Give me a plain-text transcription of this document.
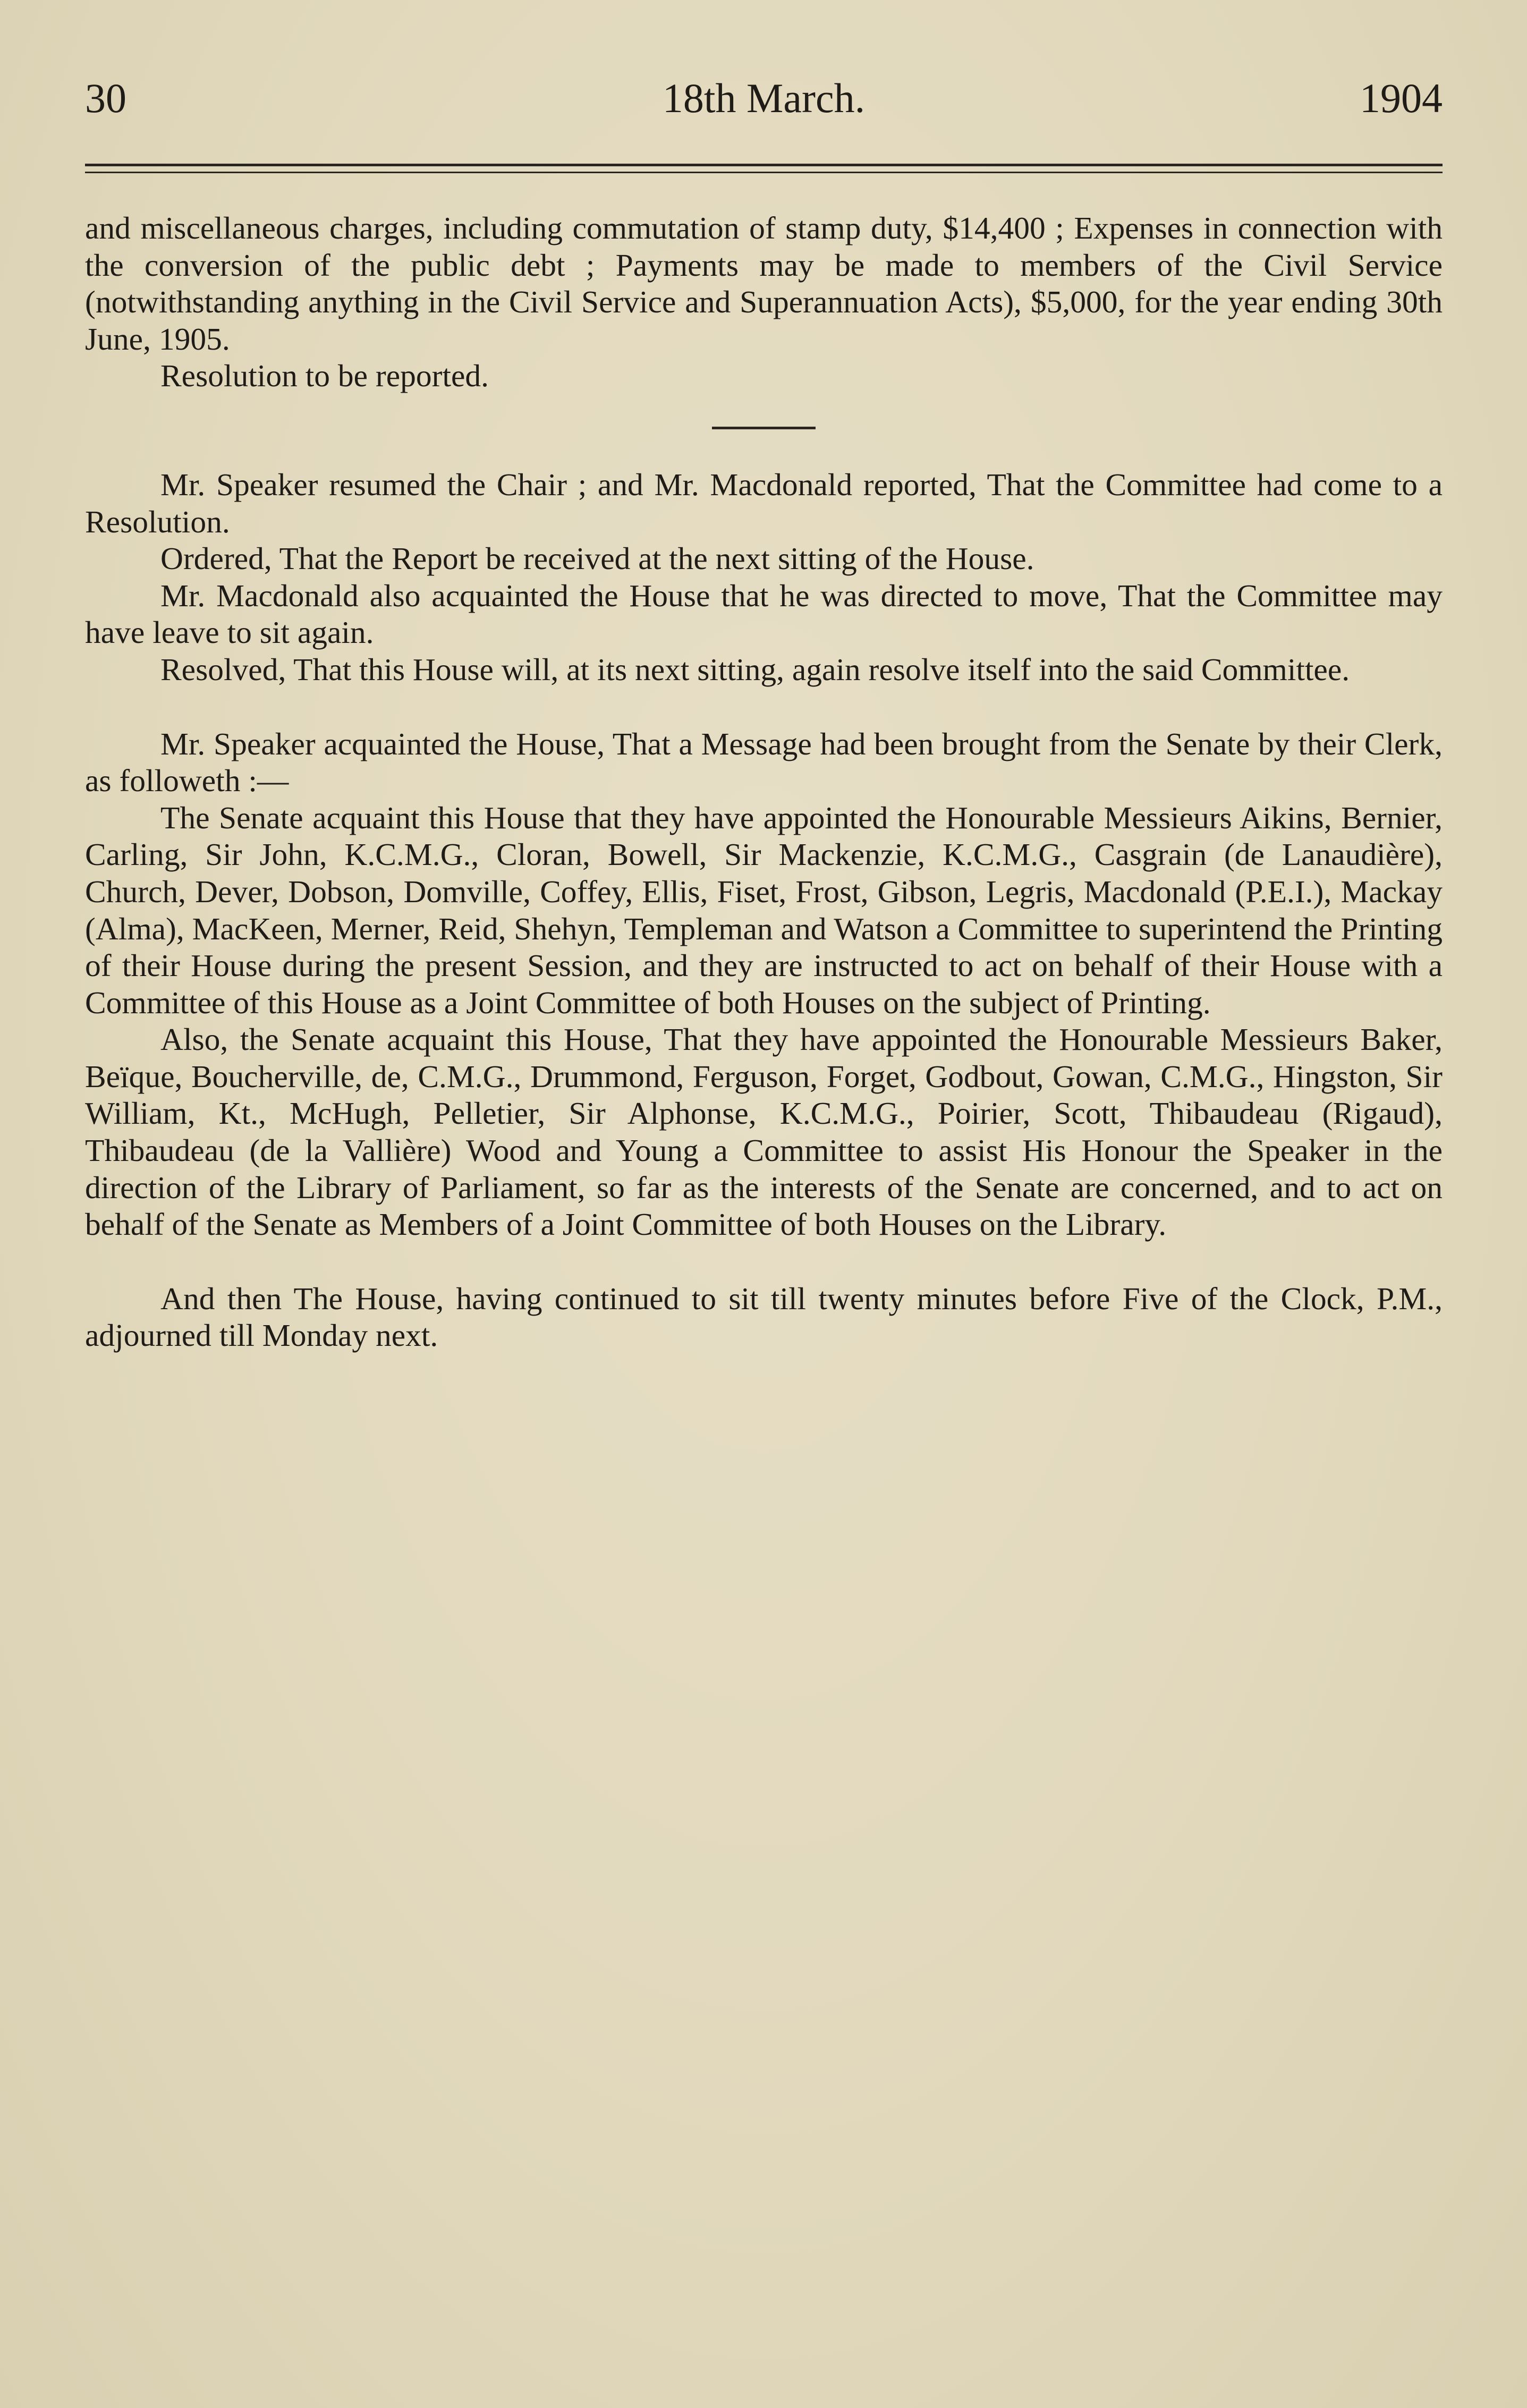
30	18th March.	1904

and miscellaneous charges, including commutation of stamp duty, $14,400 ; Expenses in connection with the conversion of the public debt ; Payments may be made to members of the Civil Service (notwithstanding anything in the Civil Service and Superannuation Acts), $5,000, for the year ending 30th June, 1905.

Resolution to be reported.

Mr. Speaker resumed the Chair ; and Mr. Macdonald reported, That the Committee had come to a Resolution.

Ordered, That the Report be received at the next sitting of the House.

Mr. Macdonald also acquainted the House that he was directed to move, That the Committee may have leave to sit again.

Resolved, That this House will, at its next sitting, again resolve itself into the said Committee.

Mr. Speaker acquainted the House, That a Message had been brought from the Senate by their Clerk, as followeth :—

The Senate acquaint this House that they have appointed the Honourable Messieurs Aikins, Bernier, Carling, Sir John, K.C.M.G., Cloran, Bowell, Sir Mackenzie, K.C.M.G., Casgrain (de Lanaudière), Church, Dever, Dobson, Domville, Coffey, Ellis, Fiset, Frost, Gibson, Legris, Macdonald (P.E.I.), Mackay (Alma), MacKeen, Merner, Reid, Shehyn, Templeman and Watson a Committee to superintend the Printing of their House during the present Session, and they are instructed to act on behalf of their House with a Committee of this House as a Joint Committee of both Houses on the subject of Printing.

Also, the Senate acquaint this House, That they have appointed the Honourable Messieurs Baker, Beïque, Boucherville, de, C.M.G., Drummond, Ferguson, Forget, Godbout, Gowan, C.M.G., Hingston, Sir William, Kt., McHugh, Pelletier, Sir Alphonse, K.C.M.G., Poirier, Scott, Thibaudeau (Rigaud), Thibaudeau (de la Vallière) Wood and Young a Committee to assist His Honour the Speaker in the direction of the Library of Parliament, so far as the interests of the Senate are concerned, and to act on behalf of the Senate as Members of a Joint Committee of both Houses on the Library.

And then The House, having continued to sit till twenty minutes before Five of the Clock, P.M., adjourned till Monday next.
